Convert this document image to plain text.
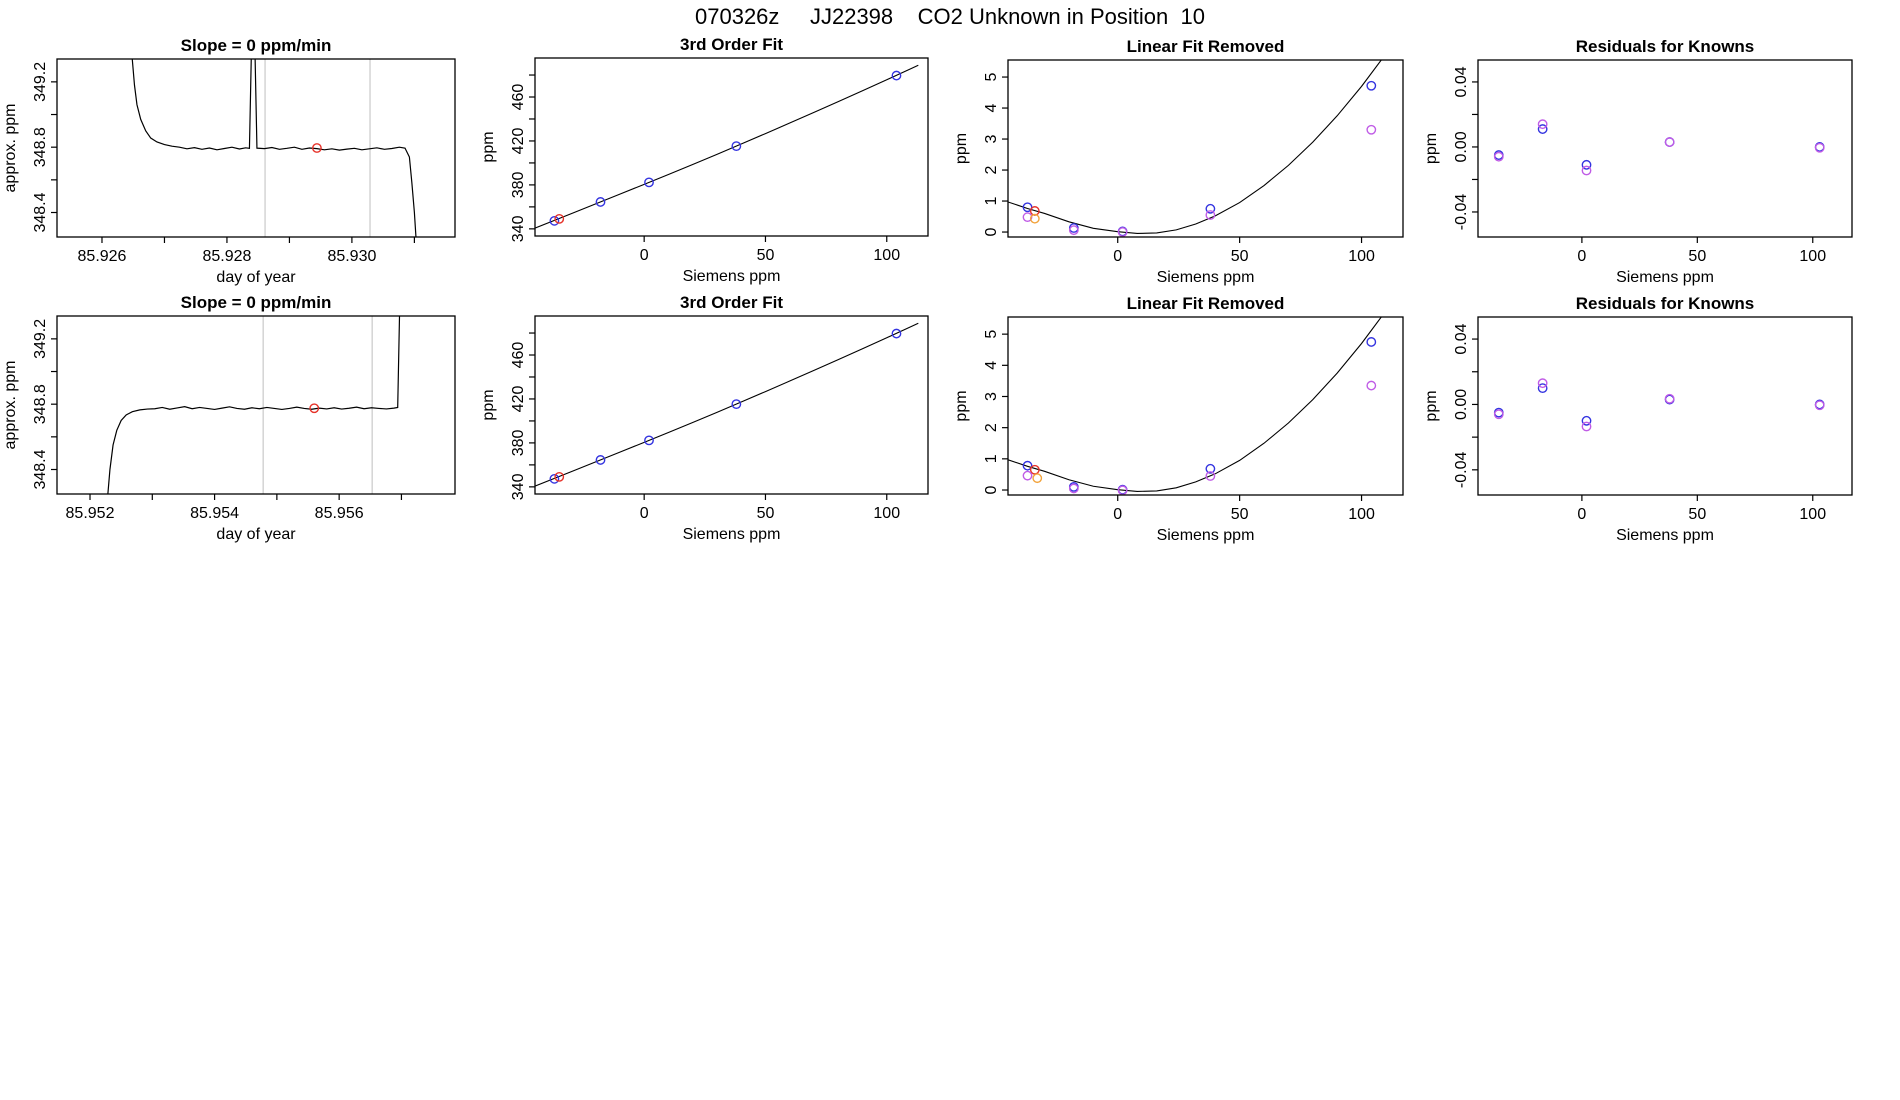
070326z     JJ22398    CO2 Unknown in Position  10
85.926	85.928	85.930
348.4
348.8
349.2
Slope = 0 ppm/min
day of year
approx. ppm
0	50	100
340
380
420
460
3rd Order Fit
Siemens ppm
ppm
0	50	100
0
1
2
3
4
5
Linear Fit Removed
Siemens ppm
ppm
0	50	100
-0.04
0.00
0.04
Residuals for Knowns
Siemens ppm
ppm
85.952	85.954	85.956
348.4
348.8
349.2
Slope = 0 ppm/min
day of year
approx. ppm
0	50	100
340
380
420
460
3rd Order Fit
Siemens ppm
ppm
0	50	100
0
1
2
3
4
5
Linear Fit Removed
Siemens ppm
ppm
0	50	100
-0.04
0.00
0.04
Residuals for Knowns
Siemens ppm
ppm
